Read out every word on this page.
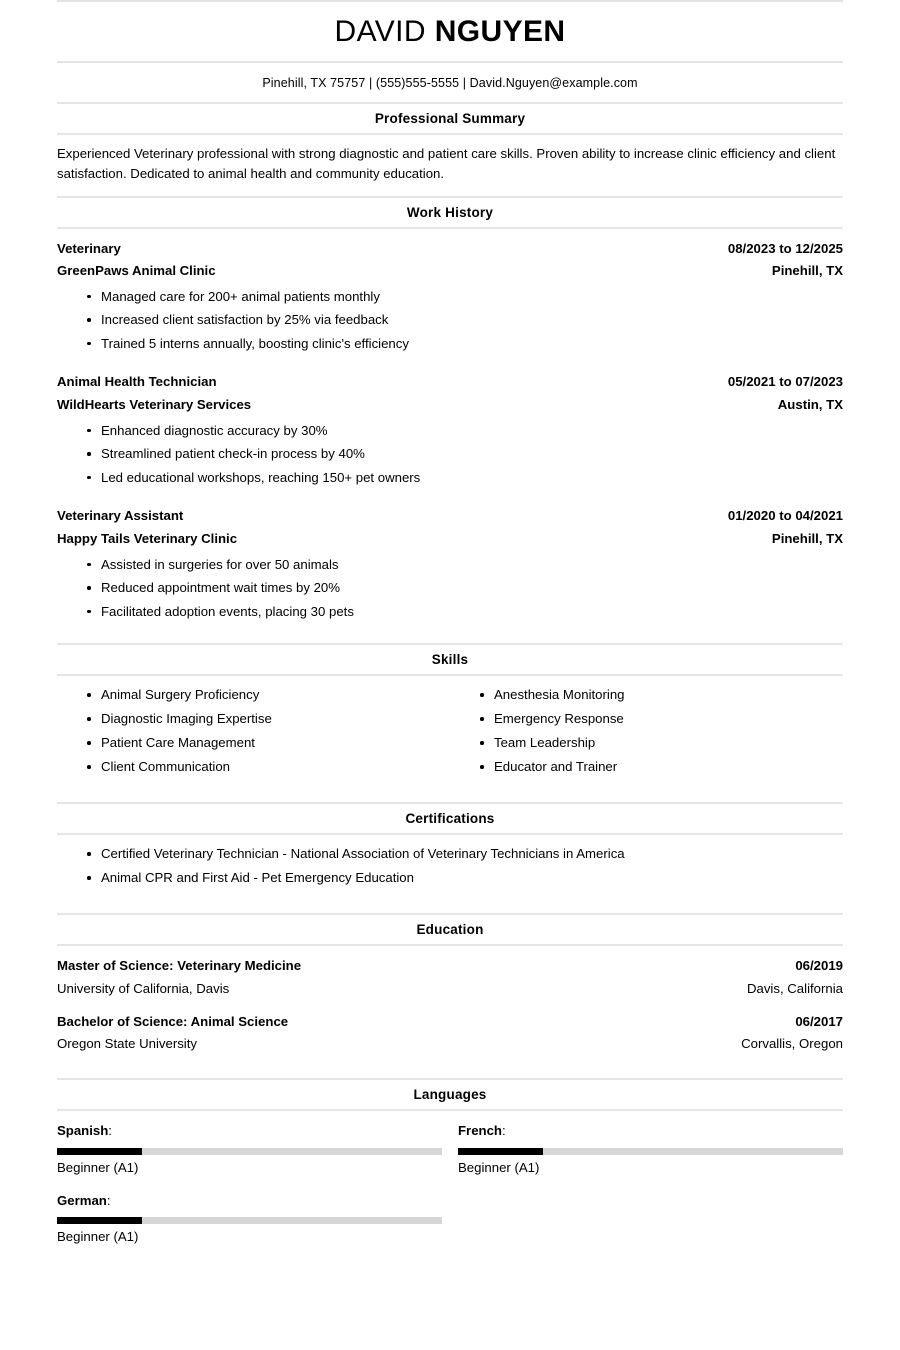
DAVID NGUYEN
Pinehill, TX 75757 | (555)555-5555 | David.Nguyen@example.com
Professional Summary
Experienced Veterinary professional with strong diagnostic and patient care skills. Proven ability to increase clinic efficiency and client satisfaction. Dedicated to animal health and community education.
Work History
Veterinary	08/2023 to 12/2025
GreenPaws Animal Clinic	Pinehill, TX
Managed care for 200+ animal patients monthly
Increased client satisfaction by 25% via feedback
Trained 5 interns annually, boosting clinic's efficiency
Animal Health Technician	05/2021 to 07/2023
WildHearts Veterinary Services	Austin, TX
Enhanced diagnostic accuracy by 30%
Streamlined patient check-in process by 40%
Led educational workshops, reaching 150+ pet owners
Veterinary Assistant	01/2020 to 04/2021
Happy Tails Veterinary Clinic	Pinehill, TX
Assisted in surgeries for over 50 animals
Reduced appointment wait times by 20%
Facilitated adoption events, placing 30 pets
Skills
Animal Surgery Proficiency
Diagnostic Imaging Expertise
Patient Care Management
Client Communication
Anesthesia Monitoring
Emergency Response
Team Leadership
Educator and Trainer
Certifications
Certified Veterinary Technician - National Association of Veterinary Technicians in America
Animal CPR and First Aid - Pet Emergency Education
Education
Master of Science: Veterinary Medicine	06/2019
University of California, Davis	Davis, California
Bachelor of Science: Animal Science	06/2017
Oregon State University	Corvallis, Oregon
Languages
Spanish:
Beginner (A1)
French:
Beginner (A1)
German:
Beginner (A1)
